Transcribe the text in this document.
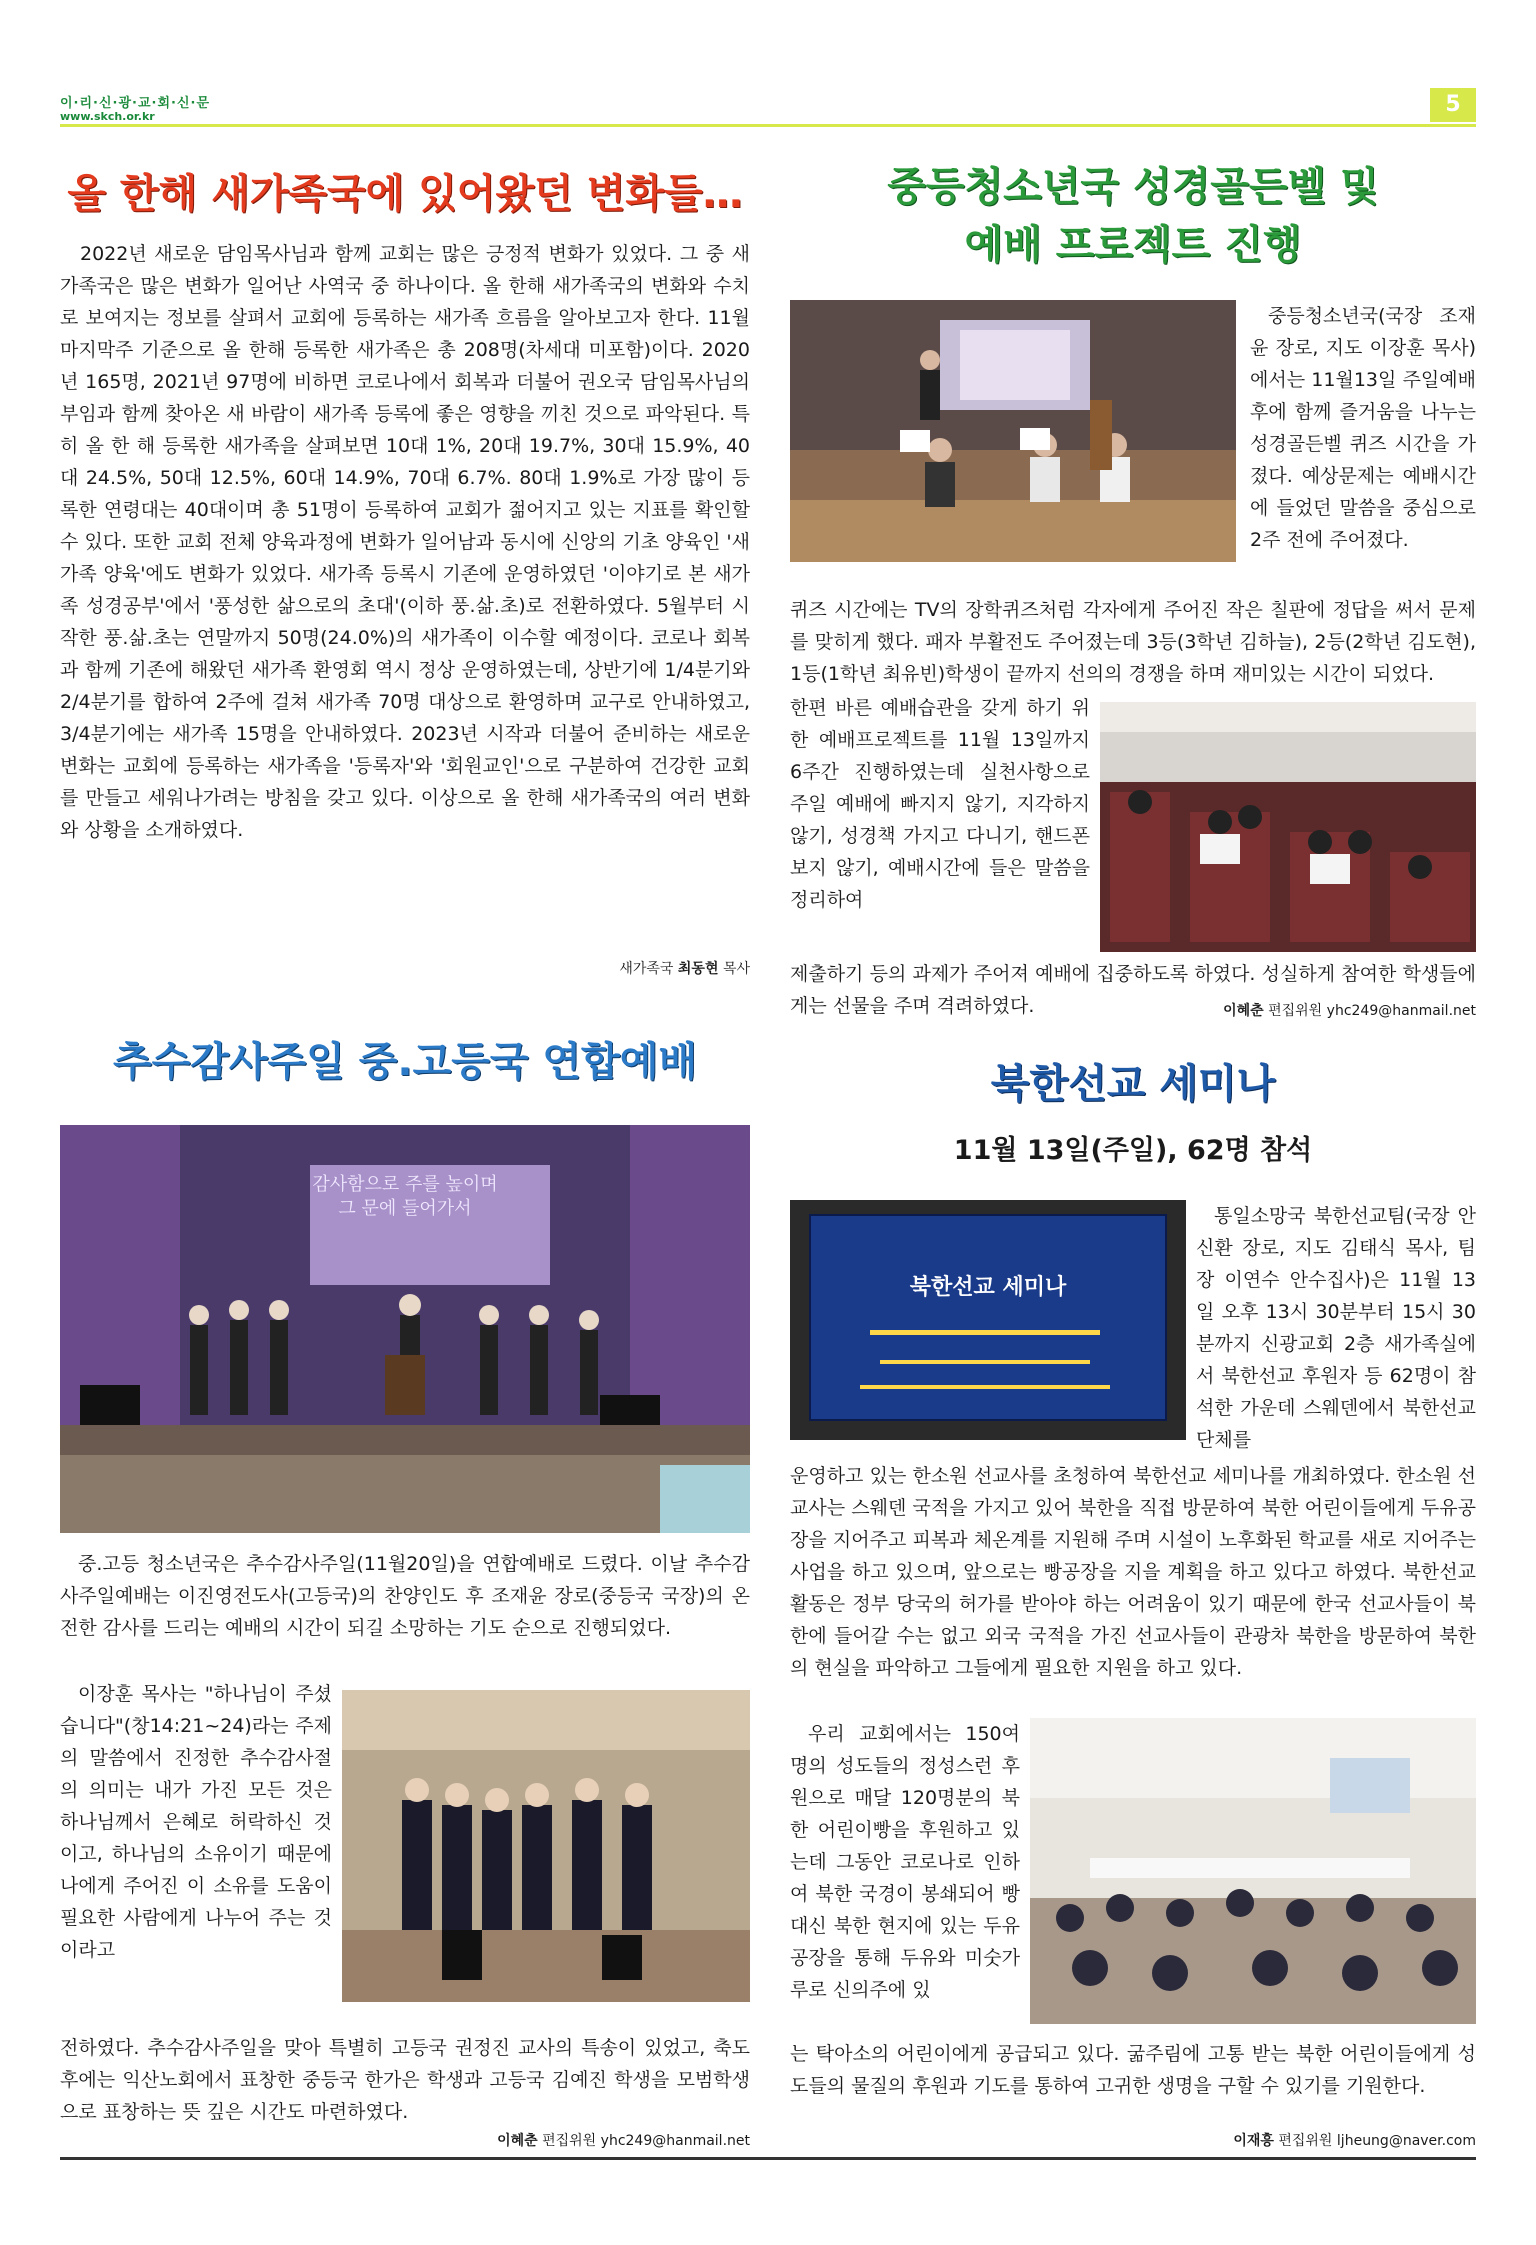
이·리·신·광·교·회·신·문
www.skch.or.kr	5
올 한해 새가족국에 있어왔던 변화들…
2022년 새로운 담임목사님과 함께 교회는 많은 긍정적 변화가 있었다. 그 중 새가족국은 많은 변화가 일어난 사역국 중 하나이다. 올 한해 새가족국의 변화와 수치로 보여지는 정보를 살펴서 교회에 등록하는 새가족 흐름을 알아보고자 한다. 11월 마지막주 기준으로 올 한해 등록한 새가족은 총 208명(차세대 미포함)이다. 2020년 165명, 2021년 97명에 비하면 코로나에서 회복과 더불어 권오국 담임목사님의 부임과 함께 찾아온 새 바람이 새가족 등록에 좋은 영향을 끼친 것으로 파악된다. 특히 올 한 해 등록한 새가족을 살펴보면 10대 1%, 20대 19.7%, 30대 15.9%, 40대 24.5%, 50대 12.5%, 60대 14.9%, 70대 6.7%. 80대 1.9%로 가장 많이 등록한 연령대는 40대이며 총 51명이 등록하여 교회가 젊어지고 있는 지표를 확인할 수 있다. 또한 교회 전체 양육과정에 변화가 일어남과 동시에 신앙의 기초 양육인 '새가족 양육'에도 변화가 있었다. 새가족 등록시 기존에 운영하였던 '이야기로 본 새가족 성경공부'에서 '풍성한 삶으로의 초대'(이하 풍.삶.초)로 전환하였다. 5월부터 시작한 풍.삶.초는 연말까지 50명(24.0%)의 새가족이 이수할 예정이다. 코로나 회복과 함께 기존에 해왔던 새가족 환영회 역시 정상 운영하였는데, 상반기에 1/4분기와 2/4분기를 합하여 2주에 걸쳐 새가족 70명 대상으로 환영하며 교구로 안내하였고, 3/4분기에는 새가족 15명을 안내하였다. 2023년 시작과 더불어 준비하는 새로운 변화는 교회에 등록하는 새가족을 '등록자'와 '회원교인'으로 구분하여 건강한 교회를 만들고 세워나가려는 방침을 갖고 있다. 이상으로 올 한해 새가족국의 여러 변화와 상황을 소개하였다.
새가족국 최동현 목사
중등청소년국 성경골든벨 및
예배 프로젝트 진행
중등청소년국(국장 조재윤 장로, 지도 이장훈 목사)에서는 11월13일 주일예배 후에 함께 즐거움을 나누는 성경골든벨 퀴즈 시간을 가졌다. 예상문제는 예배시간에 들었던 말씀을 중심으로 2주 전에 주어졌다.
퀴즈 시간에는 TV의 장학퀴즈처럼 각자에게 주어진 작은 칠판에 정답을 써서 문제를 맞히게 했다. 패자 부활전도 주어졌는데 3등(3학년 김하늘), 2등(2학년 김도현), 1등(1학년 최유빈)학생이 끝까지 선의의 경쟁을 하며 재미있는 시간이 되었다.
한편 바른 예배습관을 갖게 하기 위한 예배프로젝트를 11월 13일까지 6주간 진행하였는데 실천사항으로 주일 예배에 빠지지 않기, 지각하지 않기, 성경책 가지고 다니기, 핸드폰 보지 않기, 예배시간에 들은 말씀을 정리하여
제출하기 등의 과제가 주어져 예배에 집중하도록 하였다. 성실하게 참여한 학생들에게는 선물을 주며 격려하였다.	이혜춘 편집위원 yhc249@hanmail.net
추수감사주일 중.고등국 연합예배
감사함으로 주를 높이며
그 문에 들어가서
중.고등 청소년국은 추수감사주일(11월20일)을 연합예배로 드렸다. 이날 추수감사주일예배는 이진영전도사(고등국)의 찬양인도 후 조재윤 장로(중등국 국장)의 온전한 감사를 드리는 예배의 시간이 되길 소망하는 기도 순으로 진행되었다.
이장훈 목사는 "하나님이 주셨습니다"(창14:21~24)라는 주제의 말씀에서 진정한 추수감사절의 의미는 내가 가진 모든 것은 하나님께서 은혜로 허락하신 것이고, 하나님의 소유이기 때문에 나에게 주어진 이 소유를 도움이 필요한 사람에게 나누어 주는 것이라고
전하였다. 추수감사주일을 맞아 특별히 고등국 권정진 교사의 특송이 있었고, 축도 후에는 익산노회에서 표창한 중등국 한가은 학생과 고등국 김예진 학생을 모범학생으로 표창하는 뜻 깊은 시간도 마련하였다.
이혜춘 편집위원 yhc249@hanmail.net
북한선교 세미나
11월 13일(주일), 62명 참석
북한선교 세미나
통일소망국 북한선교팀(국장 안신환 장로, 지도 김태식 목사, 팀장 이연수 안수집사)은 11월 13일 오후 13시 30분부터 15시 30분까지 신광교회 2층 새가족실에서 북한선교 후원자 등 62명이 참석한 가운데 스웨덴에서 북한선교단체를
운영하고 있는 한소원 선교사를 초청하여 북한선교 세미나를 개최하였다. 한소원 선교사는 스웨덴 국적을 가지고 있어 북한을 직접 방문하여 북한 어린이들에게 두유공장을 지어주고 피복과 체온계를 지원해 주며 시설이 노후화된 학교를 새로 지어주는 사업을 하고 있으며, 앞으로는 빵공장을 지을 계획을 하고 있다고 하였다. 북한선교 활동은 정부 당국의 허가를 받아야 하는 어려움이 있기 때문에 한국 선교사들이 북한에 들어갈 수는 없고 외국 국적을 가진 선교사들이 관광차 북한을 방문하여 북한의 현실을 파악하고 그들에게 필요한 지원을 하고 있다.
우리 교회에서는 150여명의 성도들의 정성스런 후원으로 매달 120명분의 북한 어린이빵을 후원하고 있는데 그동안 코로나로 인하여 북한 국경이 봉쇄되어 빵 대신 북한 현지에 있는 두유공장을 통해 두유와 미숫가루로 신의주에 있
는 탁아소의 어린이에게 공급되고 있다. 굶주림에 고통 받는 북한 어린이들에게 성도들의 물질의 후원과 기도를 통하여 고귀한 생명을 구할 수 있기를 기원한다.
이재흥 편집위원 ljheung@naver.com
